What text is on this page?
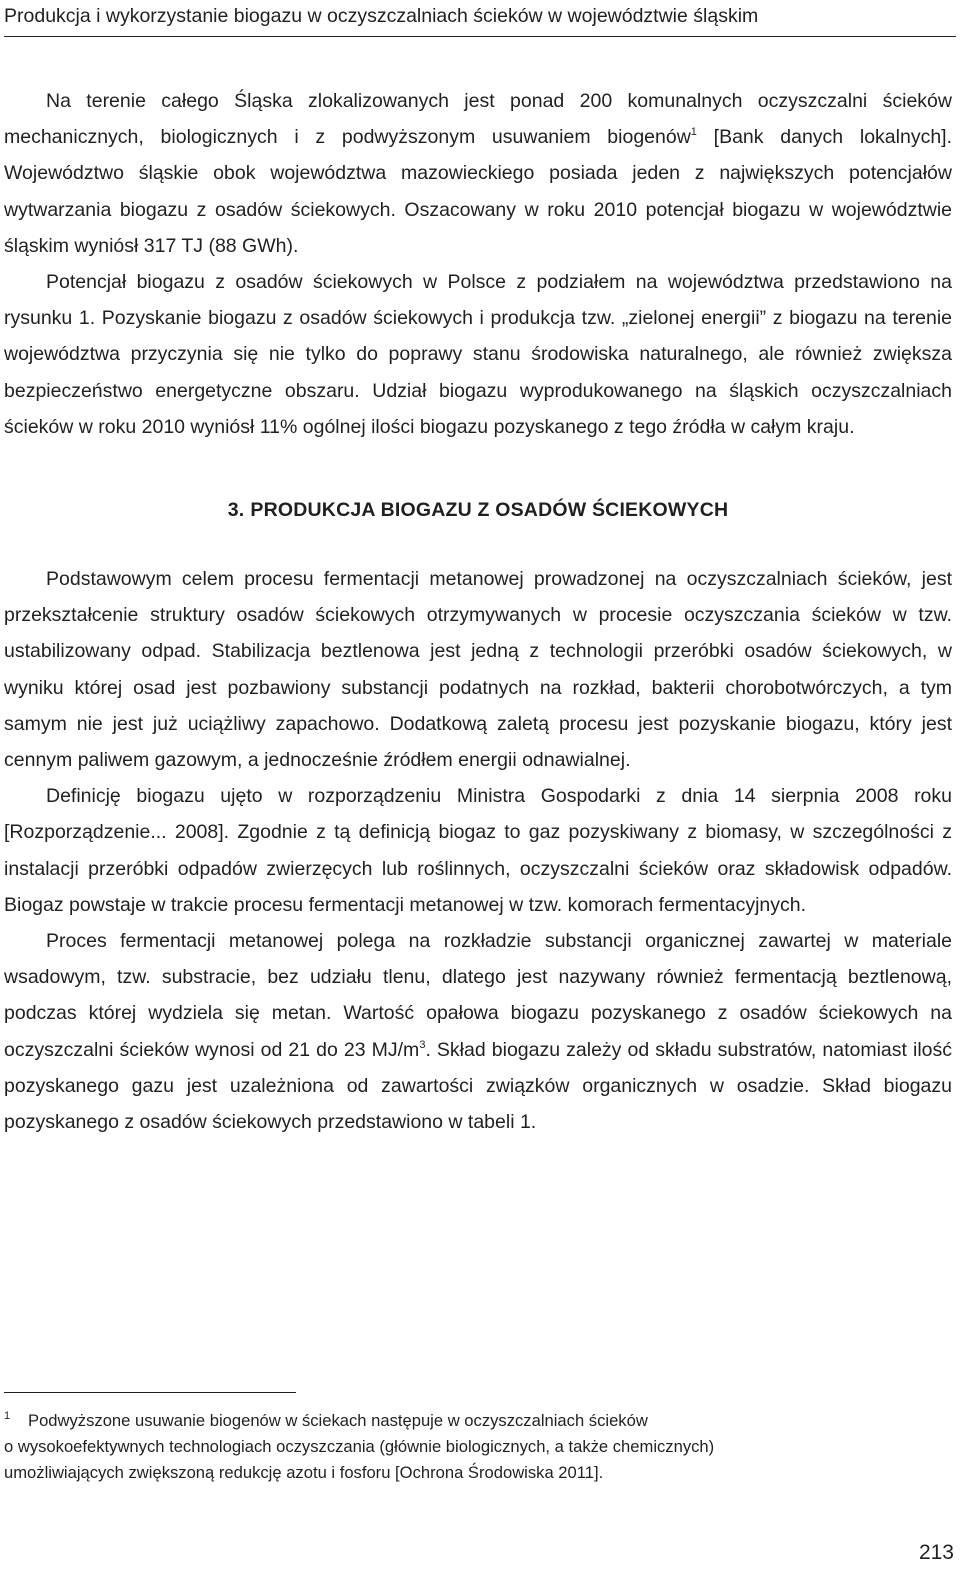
Produkcja i wykorzystanie biogazu w oczyszczalniach ścieków w województwie śląskim

Na terenie całego Śląska zlokalizowanych jest ponad 200 komunalnych oczyszczalni ścieków mechanicznych, biologicznych i z podwyższonym usuwaniem biogenów$^1$ [Bank danych lokalnych]. Województwo śląskie obok województwa mazowieckiego posiada jeden z największych potencjałów wytwarzania biogazu z osadów ściekowych. Oszacowany w roku 2010 potencjał biogazu w województwie śląskim wyniósł 317 TJ (88 GWh).

Potencjał biogazu z osadów ściekowych w Polsce z podziałem na województwa przedstawiono na rysunku 1. Pozyskanie biogazu z osadów ściekowych i produkcja tzw. „zielonej energii” z biogazu na terenie województwa przyczynia się nie tylko do poprawy stanu środowiska naturalnego, ale również zwiększa bezpieczeństwo energetyczne obszaru. Udział biogazu wyprodukowanego na śląskich oczyszczalniach ścieków w roku 2010 wyniósł 11% ogólnej ilości biogazu pozyskanego z tego źródła w całym kraju.

3. PRODUKCJA BIOGAZU Z OSADÓW ŚCIEKOWYCH

Podstawowym celem procesu fermentacji metanowej prowadzonej na oczyszczalniach ścieków, jest przekształcenie struktury osadów ściekowych otrzymywanych w procesie oczyszczania ścieków w tzw. ustabilizowany odpad. Stabilizacja beztlenowa jest jedną z technologii przeróbki osadów ściekowych, w wyniku której osad jest pozbawiony substancji podatnych na rozkład, bakterii chorobotwórczych, a tym samym nie jest już uciążliwy zapachowo. Dodatkową zaletą procesu jest pozyskanie biogazu, który jest cennym paliwem gazowym, a jednocześnie źródłem energii odnawialnej.

Definicję biogazu ujęto w rozporządzeniu Ministra Gospodarki z dnia 14 sierpnia 2008 roku [Rozporządzenie... 2008]. Zgodnie z tą definicją biogaz to gaz pozyskiwany z biomasy, w szczególności z instalacji przeróbki odpadów zwierzęcych lub roślinnych, oczyszczalni ścieków oraz składowisk odpadów. Biogaz powstaje w trakcie procesu fermentacji metanowej w tzw. komorach fermentacyjnych.

Proces fermentacji metanowej polega na rozkładzie substancji organicznej zawartej w materiale wsadowym, tzw. substracie, bez udziału tlenu, dlatego jest nazywany również fermentacją beztlenową, podczas której wydziela się metan. Wartość opałowa biogazu pozyskanego z osadów ściekowych na oczyszczalni ścieków wynosi od 21 do 23 $MJ/m^3$. Skład biogazu zależy od składu substratów, natomiast ilość pozyskanego gazu jest uzależniona od zawartości związków organicznych w osadzie. Skład biogazu pozyskanego z osadów ściekowych przedstawiono w tabeli 1.

1	Podwyższone usuwanie biogenów w ściekach następuje w oczyszczalniach ścieków
o wysokoefektywnych technologiach oczyszczania (głównie biologicznych, a także chemicznych)
umożliwiających zwiększoną redukcję azotu i fosforu [Ochrona Środowiska 2011].
213
